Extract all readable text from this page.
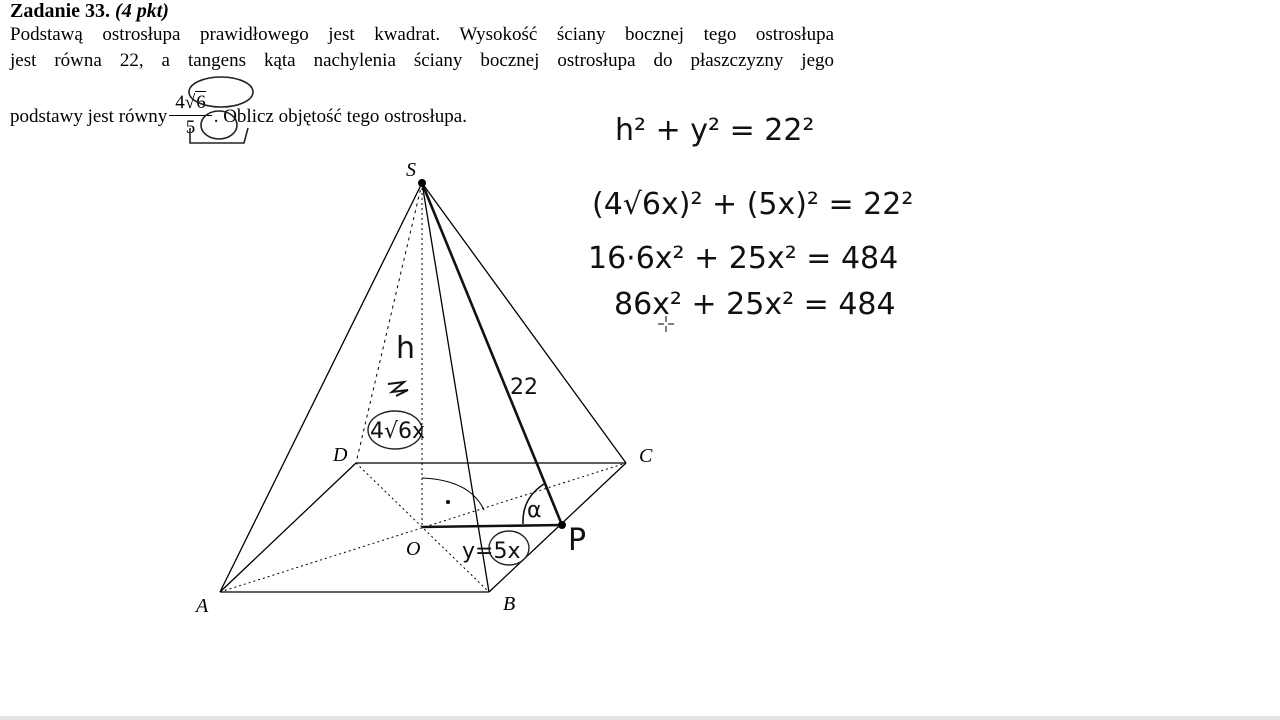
Zadanie 33. (4 pkt)
Podstawą ostrosłupa prawidłowego jest kwadrat. Wysokość ściany bocznej tego ostrosłupa
jest równa 22, a tangens kąta nachylenia ściany bocznej ostrosłupa do płaszczyzny jego
podstawy jest równy $\frac{4√6}{5}$ . Oblicz objętość tego ostrosłupa.
S
A	B
C
D
O	P
h
22
α
4√6x
y=5x
h² + y² = 22²
(4√6x)² + (5x)² = 22²
16·6x² + 25x² = 484
86x² + 25x² = 484
